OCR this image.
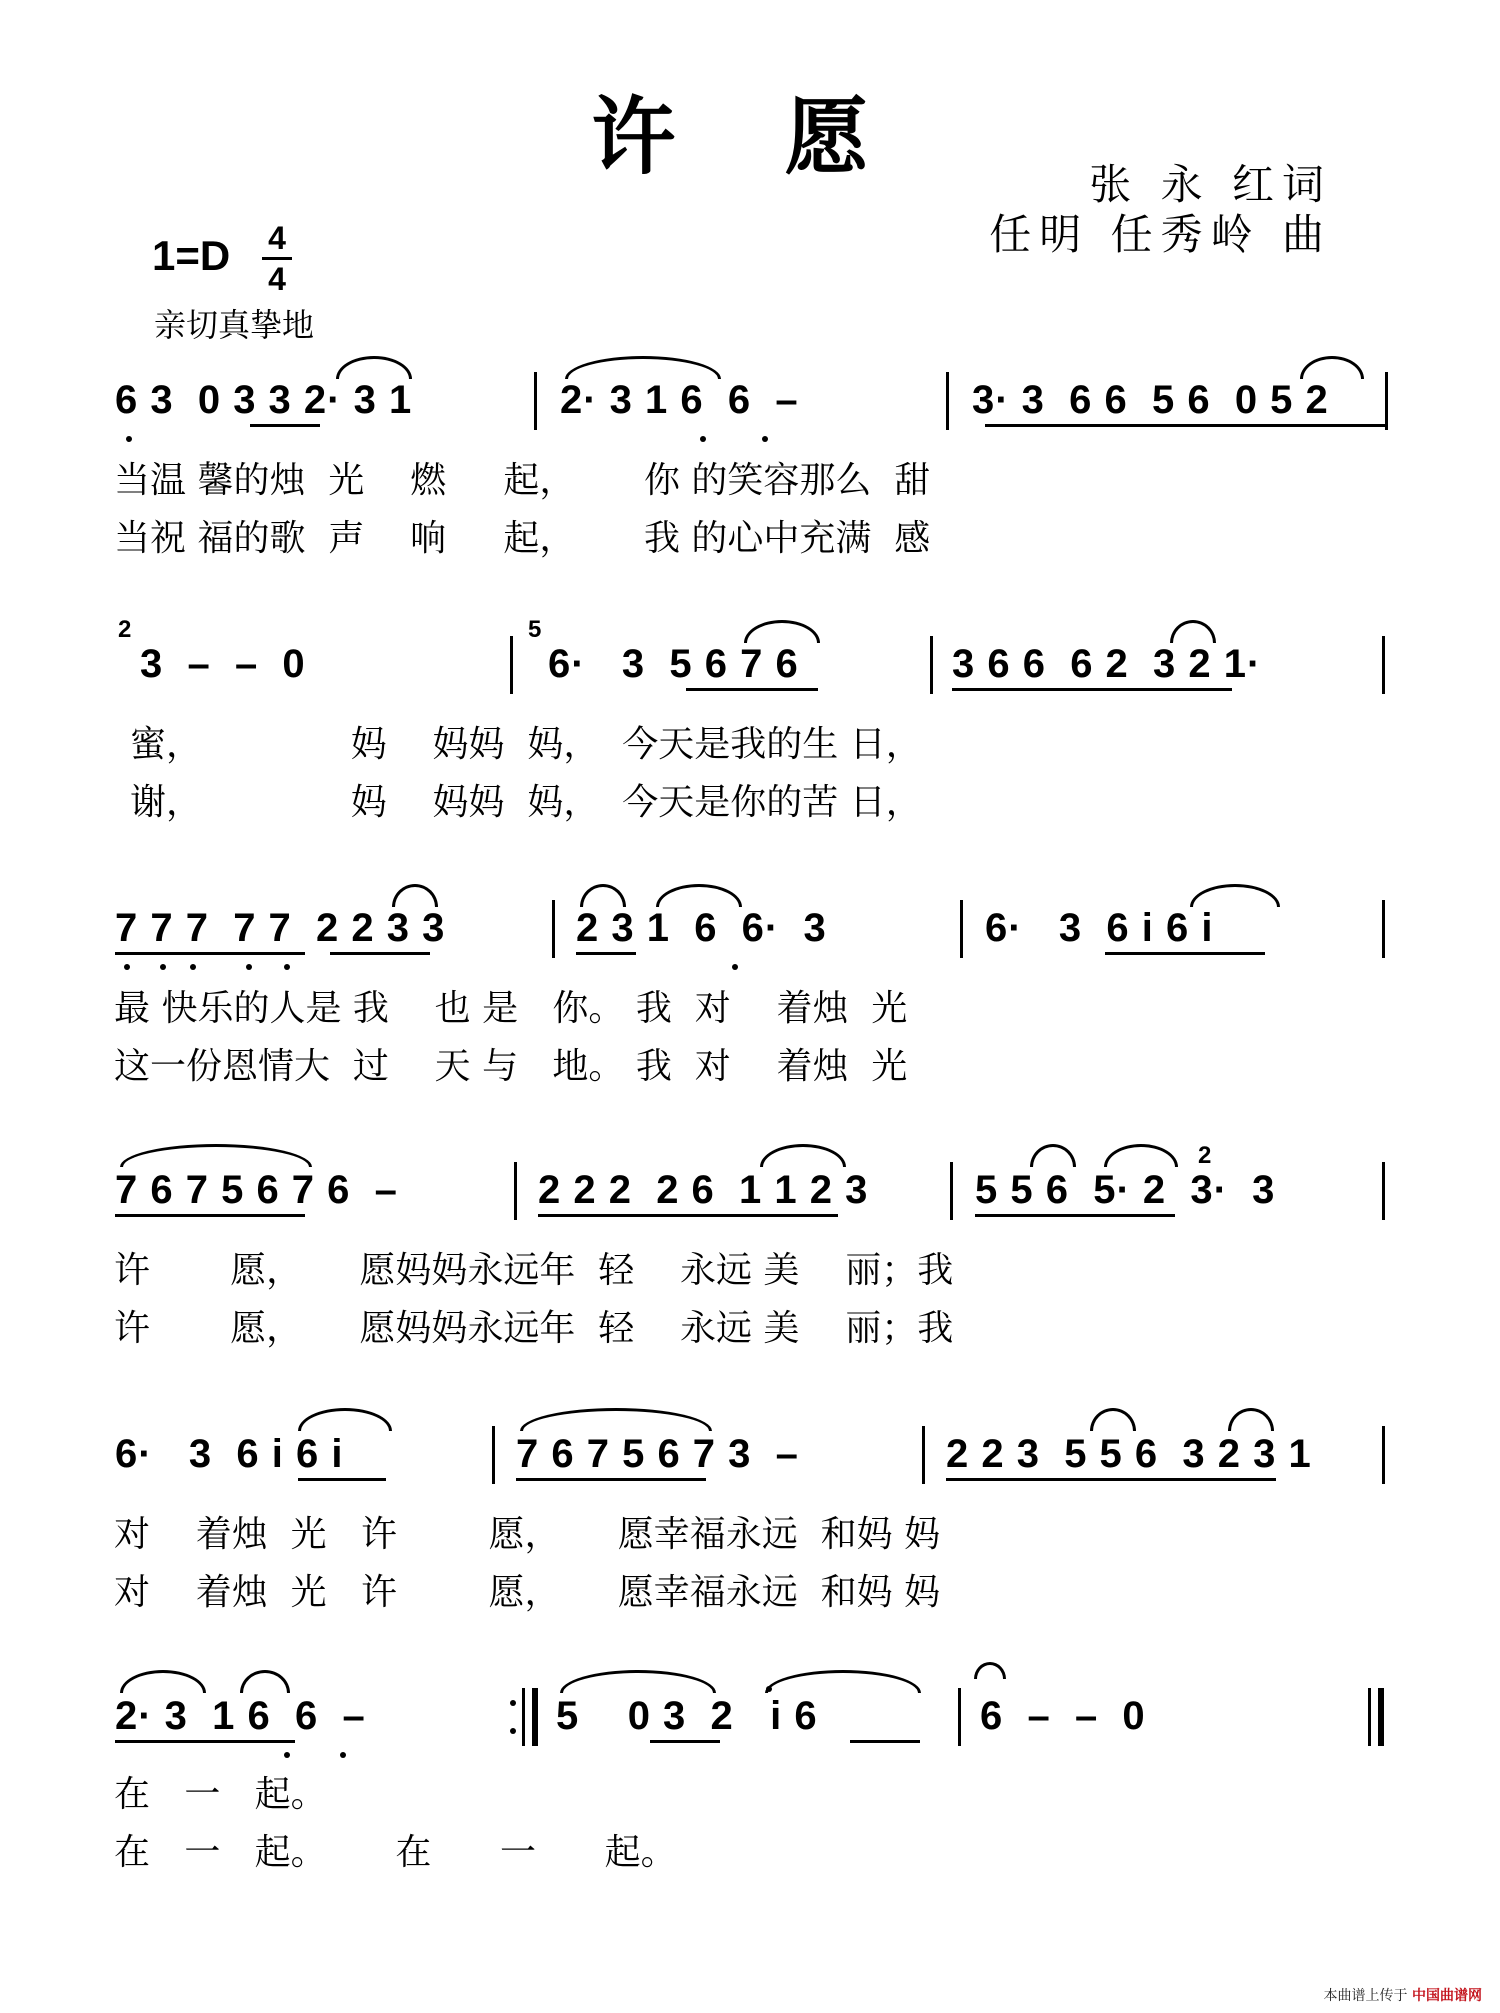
许 愿	张 永 红词
任明 任秀岭 曲
1=D 4
4
亲切真挚地
6 3  0 3 3 2· 3 1	2· 3 1 6  6  –	3· 3  6 6  5 6  0 5 2
当温 馨的烛  光    燃     起，      你 的笑容那么  甜
当祝 福的歌  声    响     起，      我 的心中充满  感
2
3  –  –  0
5
6·   3  5 6 7 6	3 6 6  6 2  3 2 1·
蜜，             妈    妈妈  妈，  今天是我的生 日，
谢，             妈    妈妈  妈，  今天是你的苦 日，
7 7 7  7 7  2 2 3 3	2 3 1  6  6·  3	6·   3  6 i 6 i
最 快乐的人是 我    也 是   你。 我  对    着烛  光
这一份恩情大  过    天 与   地。 我  对    着烛  光
7 6 7 5 6 7 6  –	2 2 2  2 6  1 1 2 3	5 5 6  5· 2  3·  3
2
许       愿，     愿妈妈永远年  轻    永远 美    丽；我
许       愿，     愿妈妈永远年  轻    永远 美    丽；我
6·   3  6 i 6 i	7 6 7 5 6 7 3  –	2 2 3  5 5 6  3 2 3 1
对    着烛  光   许        愿，     愿幸福永远  和妈 妈
对    着烛  光   许        愿，     愿幸福永远  和妈 妈
2· 3  1 6  6  –	5    0 3  2   i 6	6  –  –  0
在   一   起。
在   一   起。      在      一      起。
本曲谱上传于 中国曲谱网
